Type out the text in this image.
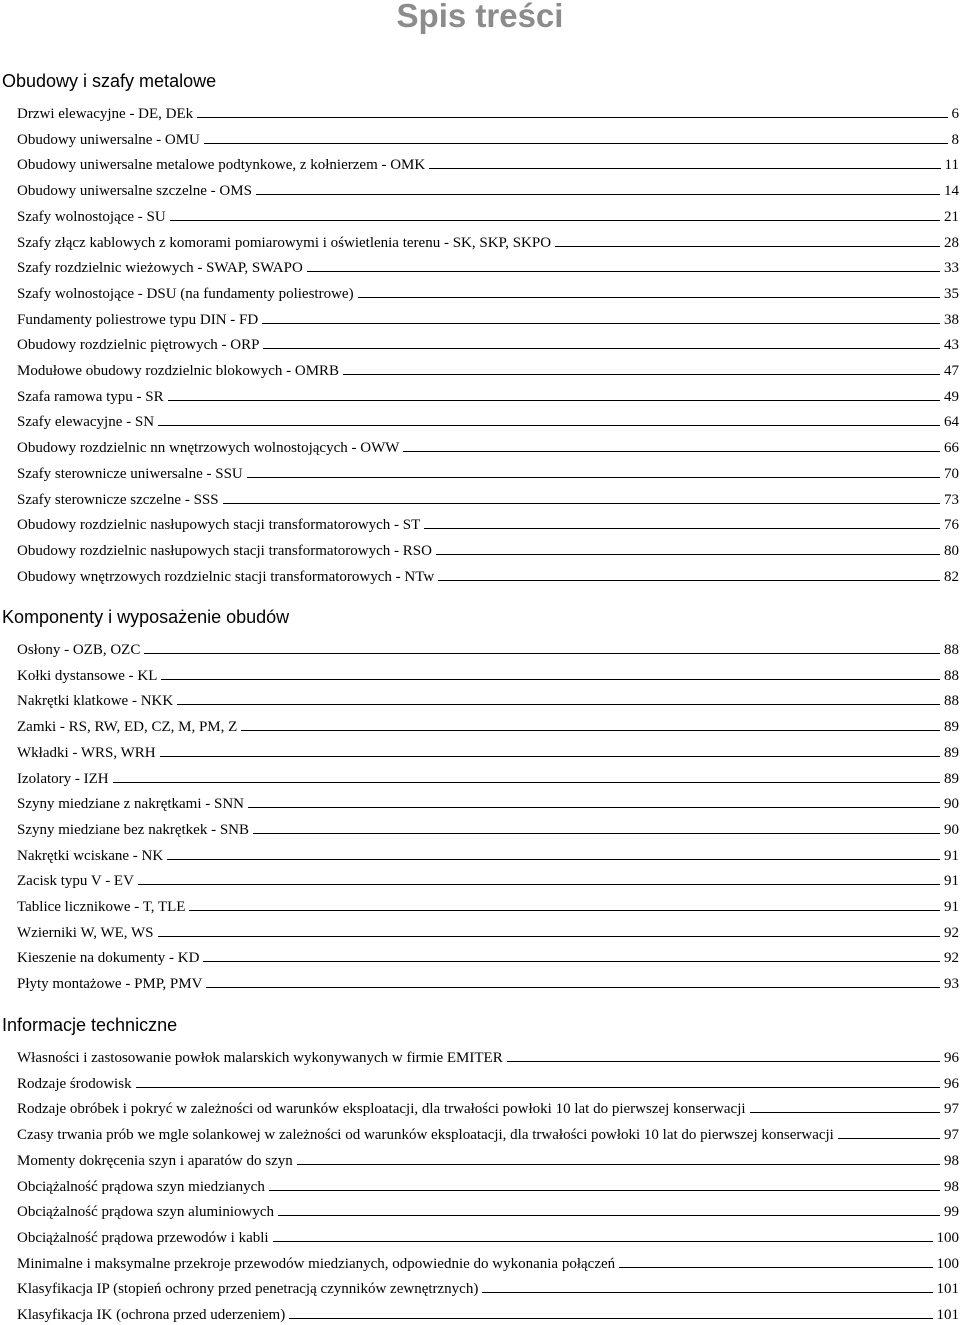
Spis treści
Obudowy i szafy metalowe
Drzwi elewacyjne - DE, DEk	6
Obudowy uniwersalne - OMU	8
Obudowy uniwersalne metalowe podtynkowe, z kołnierzem - OMK	11
Obudowy uniwersalne szczelne - OMS	14
Szafy wolnostojące - SU	21
Szafy złącz kablowych z komorami pomiarowymi i oświetlenia terenu - SK, SKP, SKPO	28
Szafy rozdzielnic wieżowych - SWAP, SWAPO	33
Szafy wolnostojące - DSU (na fundamenty poliestrowe)	35
Fundamenty poliestrowe typu DIN - FD	38
Obudowy rozdzielnic piętrowych - ORP	43
Modułowe obudowy rozdzielnic blokowych - OMRB	47
Szafa ramowa typu - SR	49
Szafy elewacyjne - SN	64
Obudowy rozdzielnic nn wnętrzowych wolnostojących - OWW	66
Szafy sterownicze uniwersalne - SSU	70
Szafy sterownicze szczelne - SSS	73
Obudowy rozdzielnic nasłupowych stacji transformatorowych - ST	76
Obudowy rozdzielnic nasłupowych stacji transformatorowych - RSO	80
Obudowy wnętrzowych rozdzielnic stacji transformatorowych - NTw	82
Komponenty i wyposażenie obudów
Osłony - OZB, OZC	88
Kołki dystansowe - KL	88
Nakrętki klatkowe - NKK	88
Zamki - RS, RW, ED, CZ, M, PM, Z	89
Wkładki - WRS, WRH	89
Izolatory - IZH	89
Szyny miedziane z nakrętkami - SNN	90
Szyny miedziane bez nakrętkek - SNB	90
Nakrętki wciskane - NK	91
Zacisk typu V - EV	91
Tablice licznikowe - T, TLE	91
Wzierniki W, WE, WS	92
Kieszenie na dokumenty - KD	92
Płyty montażowe - PMP, PMV	93
Informacje techniczne
Własności i zastosowanie powłok malarskich wykonywanych w firmie EMITER	96
Rodzaje środowisk	96
Rodzaje obróbek i pokryć w zależności od warunków eksploatacji, dla trwałości powłoki 10 lat do pierwszej konserwacji	97
Czasy trwania prób we mgle solankowej w zależności od warunków eksploatacji, dla trwałości powłoki 10 lat do pierwszej konserwacji	97
Momenty dokręcenia szyn i aparatów do szyn	98
Obciążalność prądowa szyn miedzianych	98
Obciążalność prądowa szyn aluminiowych	99
Obciążalność prądowa przewodów i kabli	100
Minimalne i maksymalne przekroje przewodów miedzianych, odpowiednie do wykonania połączeń	100
Klasyfikacja IP (stopień ochrony przed penetracją czynników zewnętrznych)	101
Klasyfikacja IK (ochrona przed uderzeniem)	101
